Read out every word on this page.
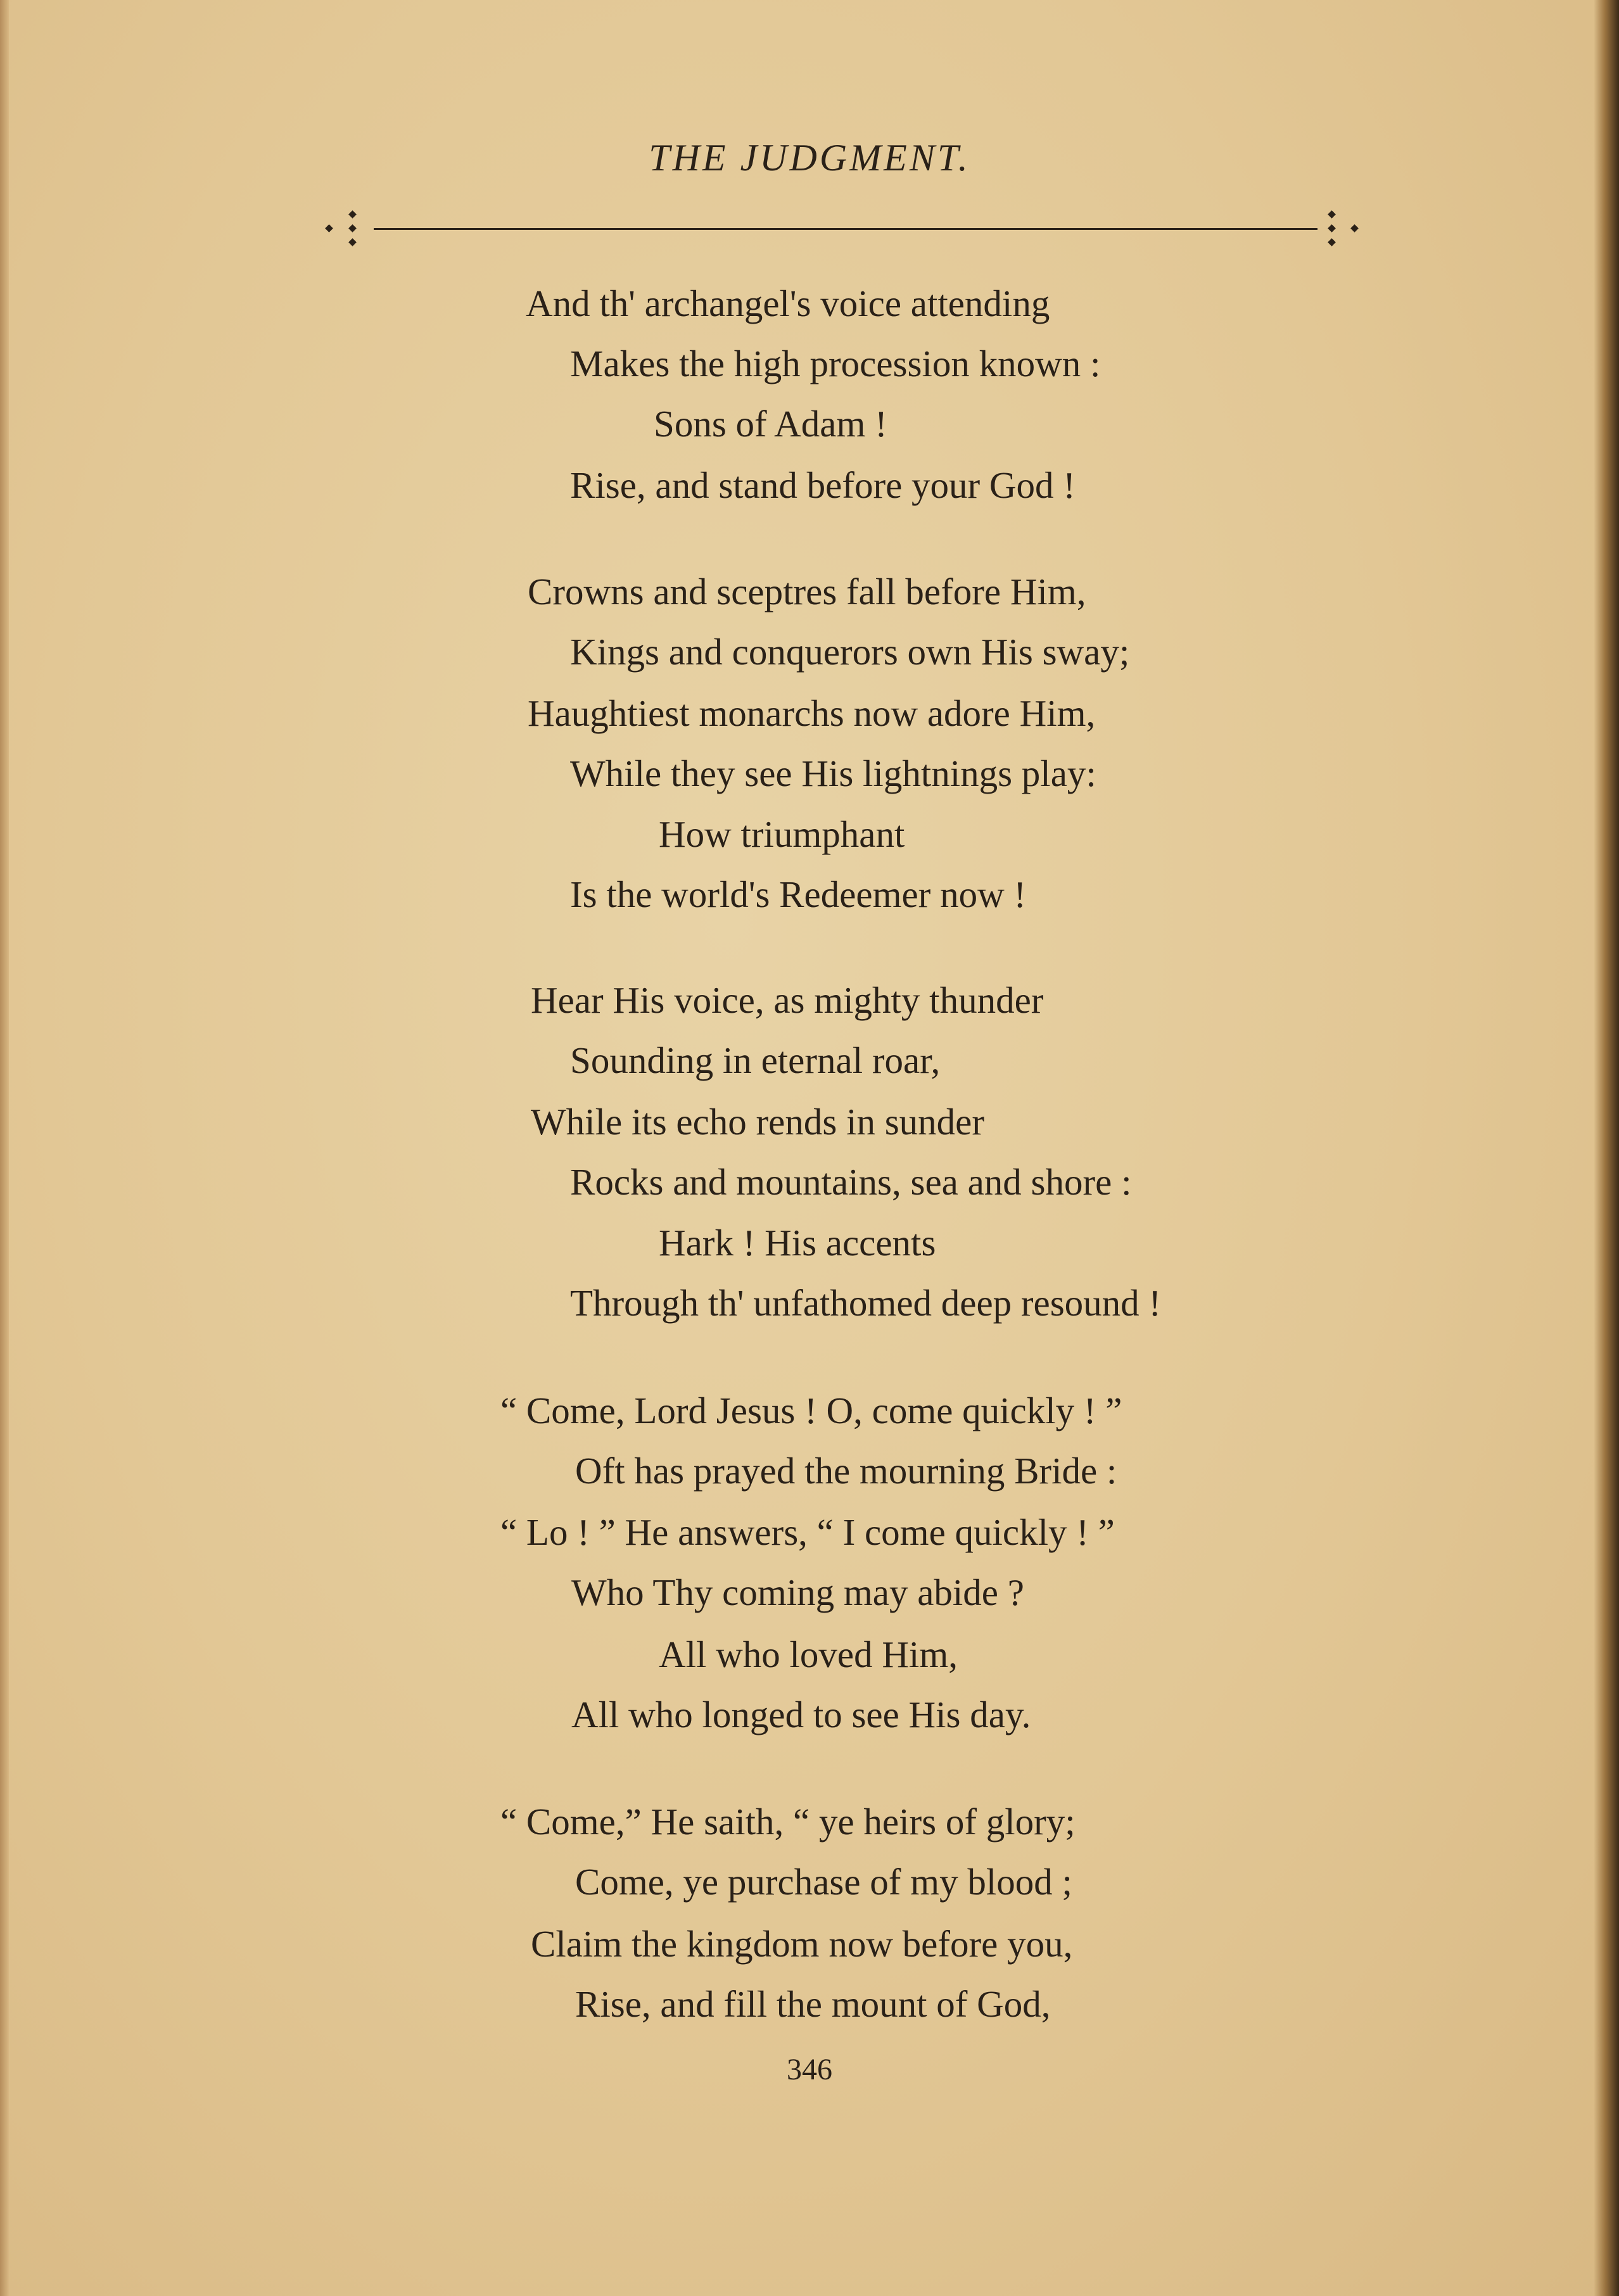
THE JUDGMENT.
And th' archangel's voice attending
Makes the high procession known :
Sons of Adam !
Rise, and stand before your God !
Crowns and sceptres fall before Him,
Kings and conquerors own His sway;
Haughtiest monarchs now adore Him,
While they see His lightnings play:
How triumphant
Is the world's Redeemer now !
Hear His voice, as mighty thunder
Sounding in eternal roar,
While its echo rends in sunder
Rocks and mountains, sea and shore :
Hark ! His accents
Through th' unfathomed deep resound !
“ Come, Lord Jesus ! O, come quickly ! ”
Oft has prayed the mourning Bride :
“ Lo ! ” He answers, “ I come quickly ! ”
Who Thy coming may abide ?
All who loved Him,
All who longed to see His day.
“ Come,” He saith, “ ye heirs of glory;
Come, ye purchase of my blood ;
Claim the kingdom now before you,
Rise, and fill the mount of God,
346
